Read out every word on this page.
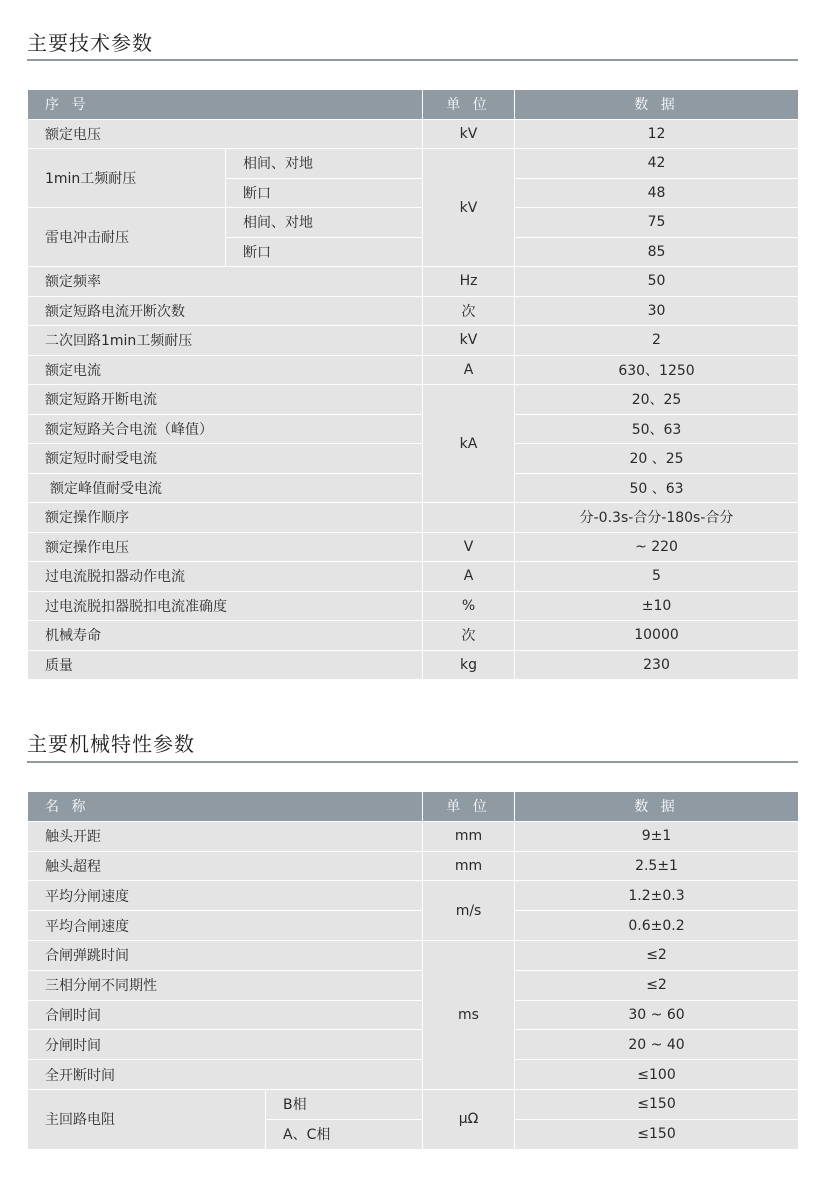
主要技术参数
序 号		单 位	数 据
额定电压		kV	12
1min工频耐压	相间、对地	kV	42
	断口		48
雷电冲击耐压	相间、对地		75
	断口		85
额定频率		Hz	50
额定短路电流开断次数		次	30
二次回路1min工频耐压		kV	2
额定电流		A	630、1250
额定短路开断电流		kA	20、25
额定短路关合电流（峰值）			50、63
额定短时耐受电流			20 、25
额定峰值耐受电流			50 、63
额定操作顺序			分-0.3s-合分-180s-合分
额定操作电压		V	~ 220
过电流脱扣器动作电流		A	5
过电流脱扣器脱扣电流准确度		%	±10
机械寿命		次	10000
质量		kg	230
主要机械特性参数
名 称		单 位	数 据
触头开距		mm	9±1
触头超程		mm	2.5±1
平均分闸速度		m/s	1.2±0.3
平均合闸速度			0.6±0.2
合闸弹跳时间		ms	≤2
三相分闸不同期性			≤2
合闸时间			30 ~ 60
分闸时间			20 ~ 40
全开断时间			≤100
主回路电阻	B相	μΩ	≤150
	A、C相		≤150
